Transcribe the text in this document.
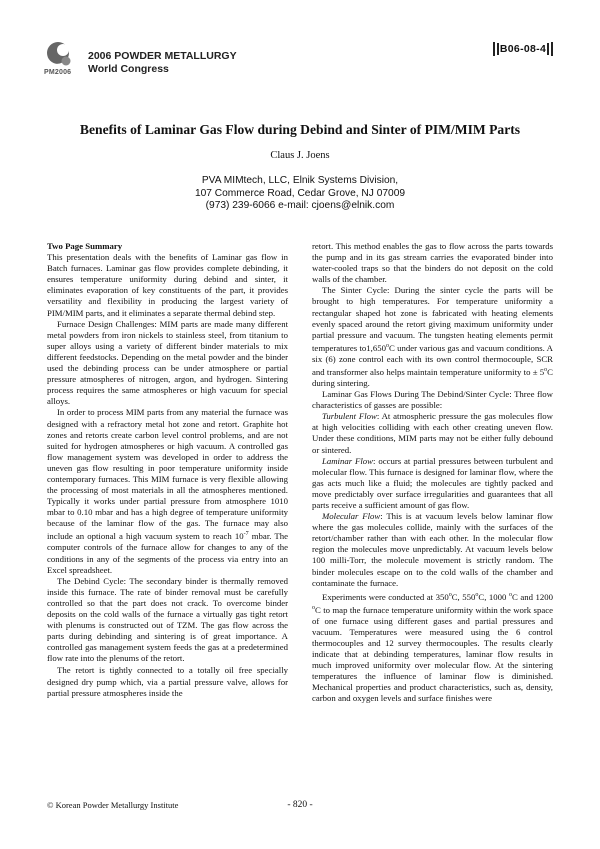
PM2006
2006 POWDER METALLURGY
World Congress
B06-08-4
Benefits of Laminar Gas Flow during Debind and Sinter of PIM/MIM Parts
Claus J. Joens
PVA MIMtech, LLC, Elnik Systems Division,
107 Commerce Road, Cedar Grove, NJ 07009
(973) 239-6066 e-mail: cjoens@elnik.com

Two Page Summary

This presentation deals with the benefits of Laminar gas flow in Batch furnaces. Laminar gas flow provides complete debinding, it ensures temperature uniformity during debind and sinter, it eliminates evaporation of key constituents of the part, it provides versatility and flexibility in producing the largest variety of PIM/MIM parts, and it eliminates a separate thermal debind step.

Furnace Design Challenges: MIM parts are made many different metal powders from iron nickels to stainless steel, from titanium to super alloys using a variety of different binder materials to mix different feedstocks. Depending on the metal powder and the binder used the debinding process can be under atmosphere or partial pressure atmospheres of nitrogen, argon, and hydrogen. Sintering process requires the same atmospheres or high vacuum for special alloys.

In order to process MIM parts from any material the furnace was designed with a refractory metal hot zone and retort. Graphite hot zones and retorts create carbon level control problems, and are not suited for hydrogen atmospheres or high vacuum. A controlled gas flow management system was developed in order to address the uneven gas flow resulting in poor temperature uniformity inside contemporary furnaces. This MIM furnace is very flexible allowing the processing of most materials in all the atmospheres mentioned. Typically it works under partial pressure from atmosphere 1010 mbar to 0.10 mbar and has a high degree of temperature uniformity because of the laminar flow of the gas. The furnace may also include an optional a high vacuum system to reach $10^{-7}$ mbar. The computer controls of the furnace allow for changes to any of the conditions in any of the segments of the process via entry into an Excel spreadsheet.

The Debind Cycle: The secondary binder is thermally removed inside this furnace. The rate of binder removal must be carefully controlled so that the part does not crack. To overcome binder deposits on the cold walls of the furnace a virtually gas tight retort with plenums is constructed out of TZM. The gas flow across the parts during debinding and sintering is of great importance. A controlled gas management system feeds the gas at a predetermined flow rate into the plenums of the retort.

The retort is tightly connected to a totally oil free specially designed dry pump which, via a partial pressure valve, allows for partial pressure atmospheres inside the

retort. This method enables the gas to flow across the parts towards the pump and in its gas stream carries the evaporated binder into water-cooled traps so that the binders do not deposit on the cold walls of the chamber.

The Sinter Cycle: During the sinter cycle the parts will be brought to high temperatures. For temperature uniformity a rectangular shaped hot zone is fabricated with heating elements evenly spaced around the retort giving maximum uniformity under partial pressure and vacuum. The tungsten heating elements permit temperatures to1,650$^o$C under various gas and vacuum conditions. A six (6) zone control each with its own control thermocouple, SCR and transformer also helps maintain temperature uniformity to ± $5^oC$ during sintering.

Laminar Gas Flows During The Debind/Sinter Cycle: Three flow characteristics of gasses are possible:

Turbulent Flow: At atmospheric pressure the gas molecules flow at high velocities colliding with each other creating uneven flow. Under these conditions, MIM parts may not be either fully debound or sintered.

Laminar Flow: occurs at partial pressures between turbulent and molecular flow. This furnace is designed for laminar flow, where the gas acts much like a fluid; the molecules are tightly packed and move predictably over surface irregularities and guarantees that all parts receive a sufficient amount of gas flow.

Molecular Flow: This is at vacuum levels below laminar flow where the gas molecules collide, mainly with the surfaces of the retort/chamber rather than with each other. In the molecular flow region the molecules move unpredictably. At vacuum levels below 100 milli-Torr, the molecule movement is strictly random. The binder molecules escape on to the cold walls of the chamber and contaminate the furnace.

Experiments were conducted at 350$^o$C, 550$^o$C, 1000 $^o$C and 1200 $^o$C to map the furnace temperature uniformity within the work space of one furnace using different gases and partial pressures and vacuum. Temperatures were measured using the 6 control thermocouples and 12 survey thermocouples. The results clearly indicate that at debinding temperatures, laminar flow results in much improved uniformity over molecular flow. At the sintering temperatures the influence of laminar flow is diminished. Mechanical properties and product characteristics, such as, density, carbon and oxygen levels and surface finishes were

© Korean Powder Metallurgy Institute	- 820 -
